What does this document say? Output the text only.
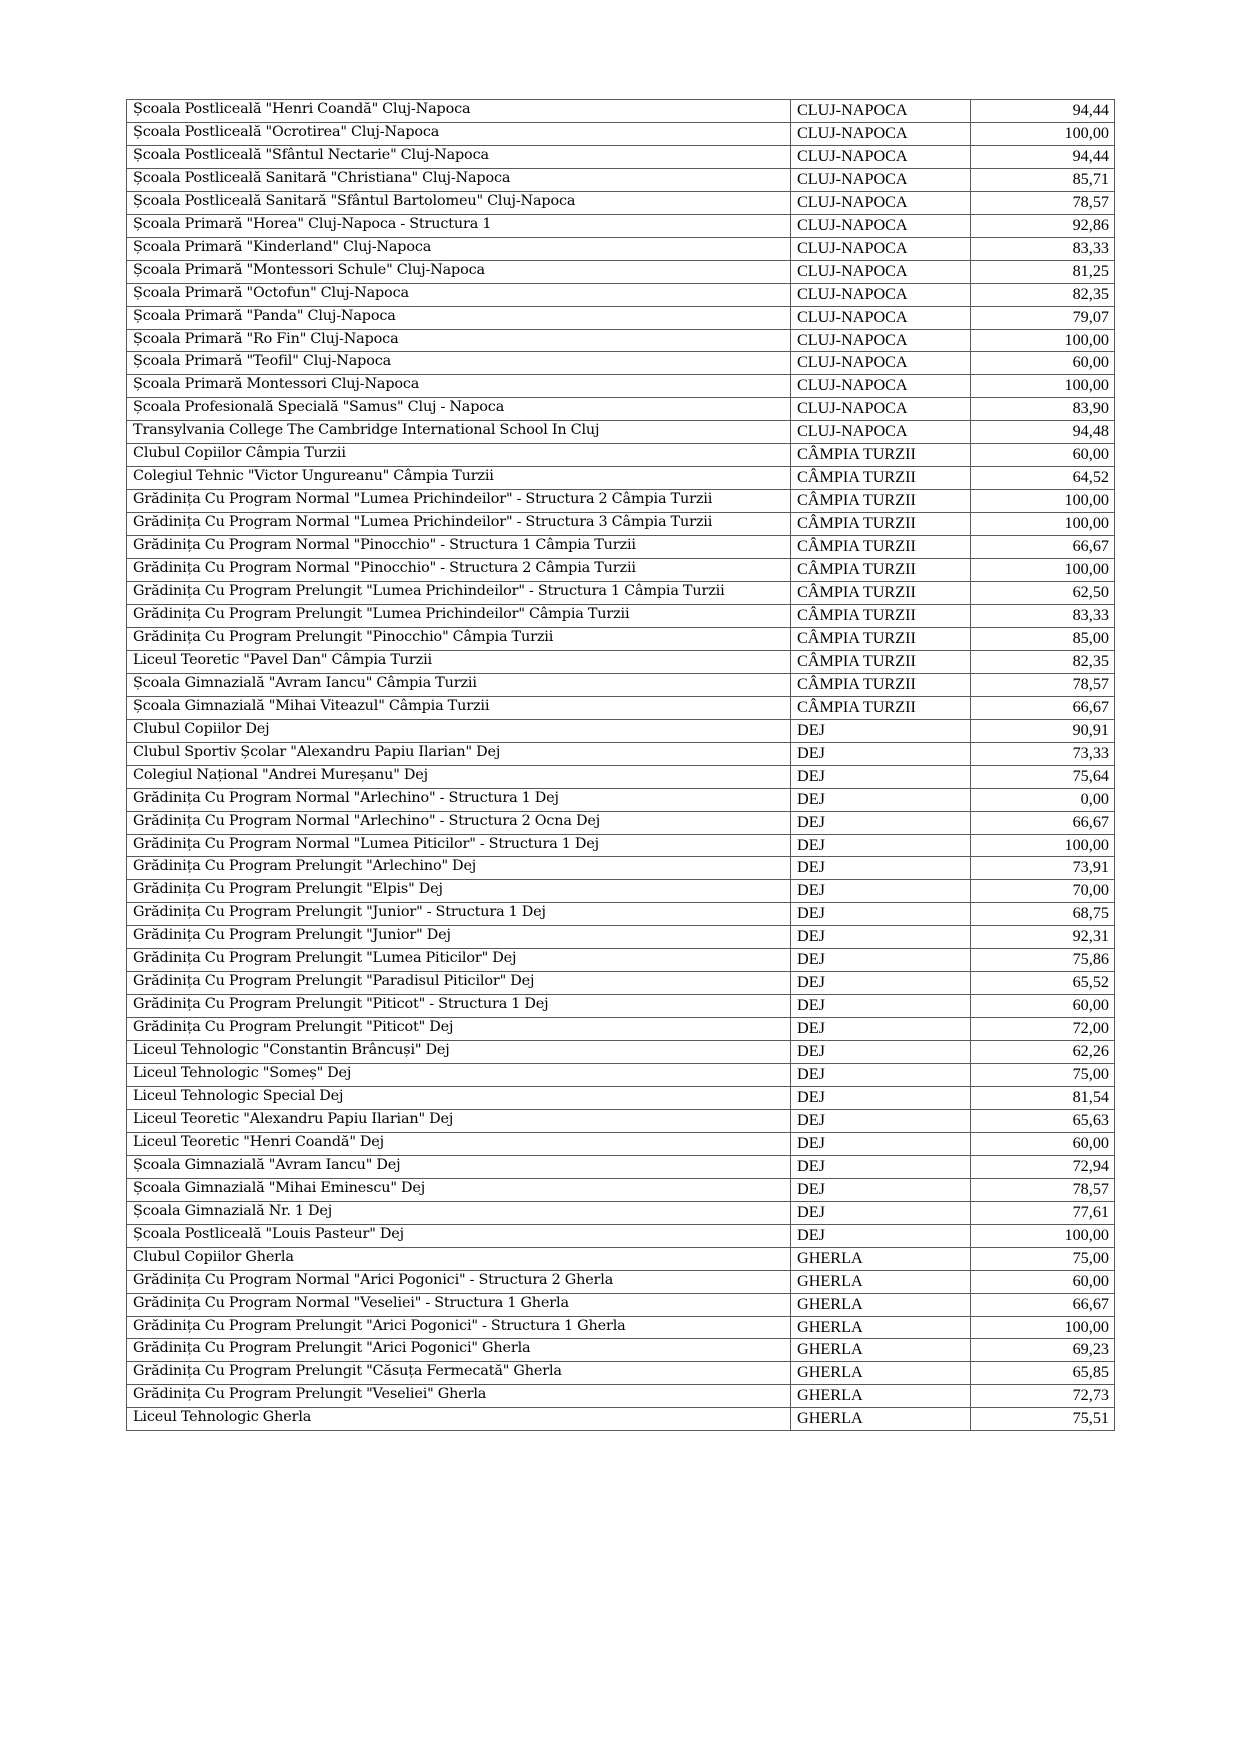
Școala Postliceală "Henri Coandă" Cluj-Napoca	CLUJ-NAPOCA	94,44
Școala Postliceală "Ocrotirea" Cluj-Napoca	CLUJ-NAPOCA	100,00
Școala Postliceală "Sfântul Nectarie" Cluj-Napoca	CLUJ-NAPOCA	94,44
Școala Postliceală Sanitară "Christiana" Cluj-Napoca	CLUJ-NAPOCA	85,71
Școala Postliceală Sanitară "Sfântul Bartolomeu" Cluj-Napoca	CLUJ-NAPOCA	78,57
Școala Primară "Horea" Cluj-Napoca - Structura 1	CLUJ-NAPOCA	92,86
Școala Primară "Kinderland" Cluj-Napoca	CLUJ-NAPOCA	83,33
Școala Primară "Montessori Schule" Cluj-Napoca	CLUJ-NAPOCA	81,25
Școala Primară "Octofun" Cluj-Napoca	CLUJ-NAPOCA	82,35
Școala Primară "Panda" Cluj-Napoca	CLUJ-NAPOCA	79,07
Școala Primară "Ro Fin" Cluj-Napoca	CLUJ-NAPOCA	100,00
Școala Primară "Teofil" Cluj-Napoca	CLUJ-NAPOCA	60,00
Școala Primară Montessori Cluj-Napoca	CLUJ-NAPOCA	100,00
Școala Profesională Specială "Samus" Cluj - Napoca	CLUJ-NAPOCA	83,90
Transylvania College The Cambridge International School In Cluj	CLUJ-NAPOCA	94,48
Clubul Copiilor Câmpia Turzii	CÂMPIA TURZII	60,00
Colegiul Tehnic "Victor Ungureanu" Câmpia Turzii	CÂMPIA TURZII	64,52
Grădinița Cu Program Normal "Lumea Prichindeilor" - Structura 2 Câmpia Turzii	CÂMPIA TURZII	100,00
Grădinița Cu Program Normal "Lumea Prichindeilor" - Structura 3 Câmpia Turzii	CÂMPIA TURZII	100,00
Grădinița Cu Program Normal "Pinocchio" - Structura 1 Câmpia Turzii	CÂMPIA TURZII	66,67
Grădinița Cu Program Normal "Pinocchio" - Structura 2 Câmpia Turzii	CÂMPIA TURZII	100,00
Grădinița Cu Program Prelungit "Lumea Prichindeilor" - Structura 1 Câmpia Turzii	CÂMPIA TURZII	62,50
Grădinița Cu Program Prelungit "Lumea Prichindeilor" Câmpia Turzii	CÂMPIA TURZII	83,33
Grădinița Cu Program Prelungit "Pinocchio" Câmpia Turzii	CÂMPIA TURZII	85,00
Liceul Teoretic "Pavel Dan" Câmpia Turzii	CÂMPIA TURZII	82,35
Școala Gimnazială "Avram Iancu" Câmpia Turzii	CÂMPIA TURZII	78,57
Școala Gimnazială "Mihai Viteazul" Câmpia Turzii	CÂMPIA TURZII	66,67
Clubul Copiilor Dej	DEJ	90,91
Clubul Sportiv Școlar "Alexandru Papiu Ilarian" Dej	DEJ	73,33
Colegiul Național "Andrei Mureșanu" Dej	DEJ	75,64
Grădinița Cu Program Normal "Arlechino" - Structura 1 Dej	DEJ	0,00
Grădinița Cu Program Normal "Arlechino" - Structura 2 Ocna Dej	DEJ	66,67
Grădinița Cu Program Normal "Lumea Piticilor" - Structura 1 Dej	DEJ	100,00
Grădinița Cu Program Prelungit "Arlechino" Dej	DEJ	73,91
Grădinița Cu Program Prelungit "Elpis" Dej	DEJ	70,00
Grădinița Cu Program Prelungit "Junior" - Structura 1 Dej	DEJ	68,75
Grădinița Cu Program Prelungit "Junior" Dej	DEJ	92,31
Grădinița Cu Program Prelungit "Lumea Piticilor" Dej	DEJ	75,86
Grădinița Cu Program Prelungit "Paradisul Piticilor" Dej	DEJ	65,52
Grădinița Cu Program Prelungit "Piticot" - Structura 1 Dej	DEJ	60,00
Grădinița Cu Program Prelungit "Piticot" Dej	DEJ	72,00
Liceul Tehnologic "Constantin Brâncuși" Dej	DEJ	62,26
Liceul Tehnologic "Someș" Dej	DEJ	75,00
Liceul Tehnologic Special Dej	DEJ	81,54
Liceul Teoretic "Alexandru Papiu Ilarian" Dej	DEJ	65,63
Liceul Teoretic "Henri Coandă" Dej	DEJ	60,00
Școala Gimnazială "Avram Iancu" Dej	DEJ	72,94
Școala Gimnazială "Mihai Eminescu" Dej	DEJ	78,57
Școala Gimnazială Nr. 1 Dej	DEJ	77,61
Școala Postliceală "Louis Pasteur" Dej	DEJ	100,00
Clubul Copiilor Gherla	GHERLA	75,00
Grădinița Cu Program Normal "Arici Pogonici" - Structura 2 Gherla	GHERLA	60,00
Grădinița Cu Program Normal "Veseliei" - Structura 1 Gherla	GHERLA	66,67
Grădinița Cu Program Prelungit "Arici Pogonici" - Structura 1 Gherla	GHERLA	100,00
Grădinița Cu Program Prelungit "Arici Pogonici" Gherla	GHERLA	69,23
Grădinița Cu Program Prelungit "Căsuța Fermecată" Gherla	GHERLA	65,85
Grădinița Cu Program Prelungit "Veseliei" Gherla	GHERLA	72,73
Liceul Tehnologic Gherla	GHERLA	75,51
